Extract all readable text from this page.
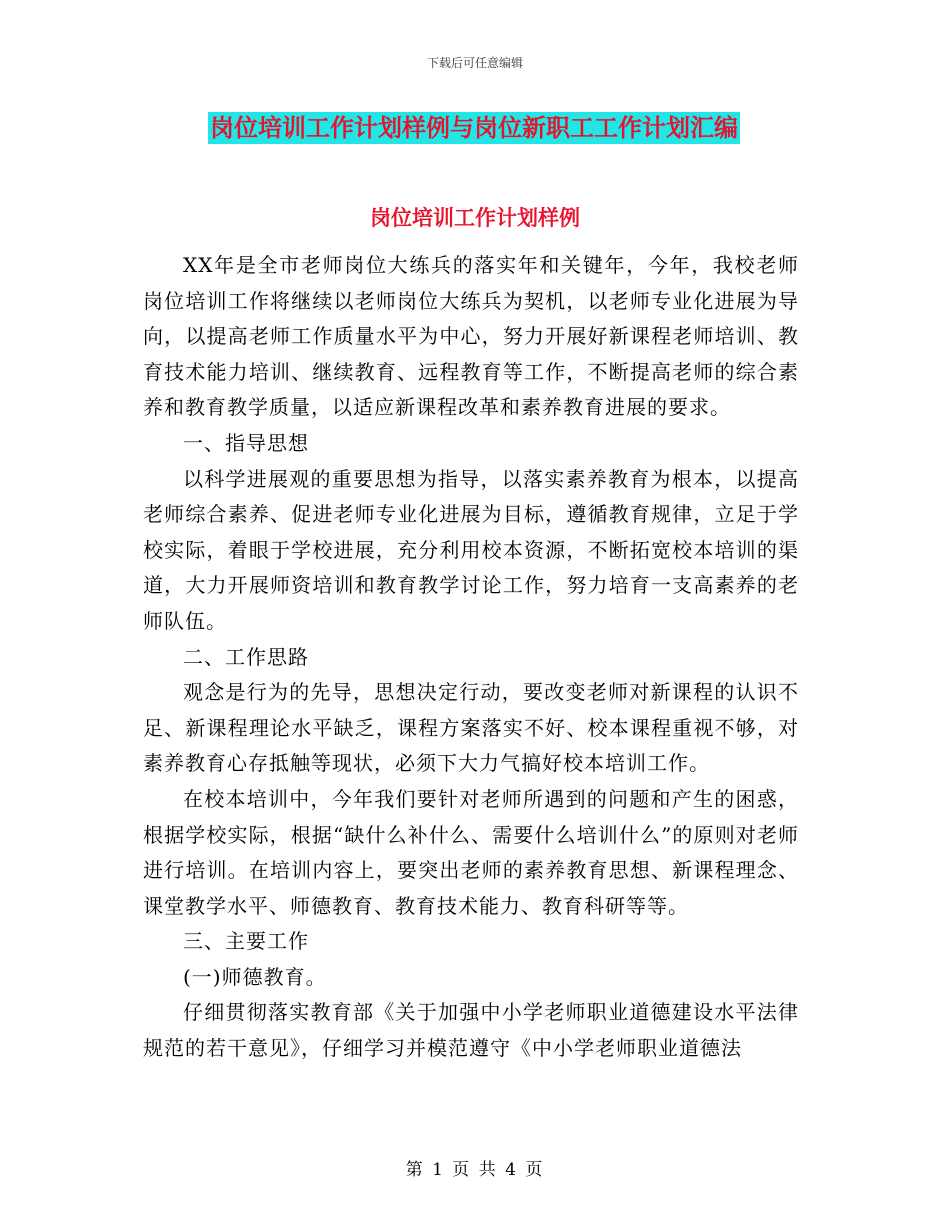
下载后可任意编辑
岗位培训工作计划样例与岗位新职工工作计划汇编
岗位培训工作计划样例

XX年是全市老师岗位大练兵的落实年和关键年，今年，我校老师岗位培训工作将继续以老师岗位大练兵为契机，以老师专业化进展为导向，以提高老师工作质量水平为中心，努力开展好新课程老师培训、教育技术能力培训、继续教育、远程教育等工作，不断提高老师的综合素养和教育教学质量，以适应新课程改革和素养教育进展的要求。

一、指导思想

以科学进展观的重要思想为指导，以落实素养教育为根本，以提高老师综合素养、促进老师专业化进展为目标，遵循教育规律，立足于学校实际，着眼于学校进展，充分利用校本资源，不断拓宽校本培训的渠道，大力开展师资培训和教育教学讨论工作，努力培育一支高素养的老师队伍。

二、工作思路

观念是行为的先导，思想决定行动，要改变老师对新课程的认识不足、新课程理论水平缺乏，课程方案落实不好、校本课程重视不够，对素养教育心存抵触等现状，必须下大力气搞好校本培训工作。

在校本培训中，今年我们要针对老师所遇到的问题和产生的困惑，根据学校实际，根据“缺什么补什么、需要什么培训什么”的原则对老师进行培训。在培训内容上，要突出老师的素养教育思想、新课程理念、课堂教学水平、师德教育、教育技术能力、教育科研等等。

三、主要工作

(一)师德教育。

仔细贯彻落实教育部《关于加强中小学老师职业道德建设水平法律规范的若干意见》，仔细学习并模范遵守《中小学老师职业道德法

第 1 页 共 4 页
